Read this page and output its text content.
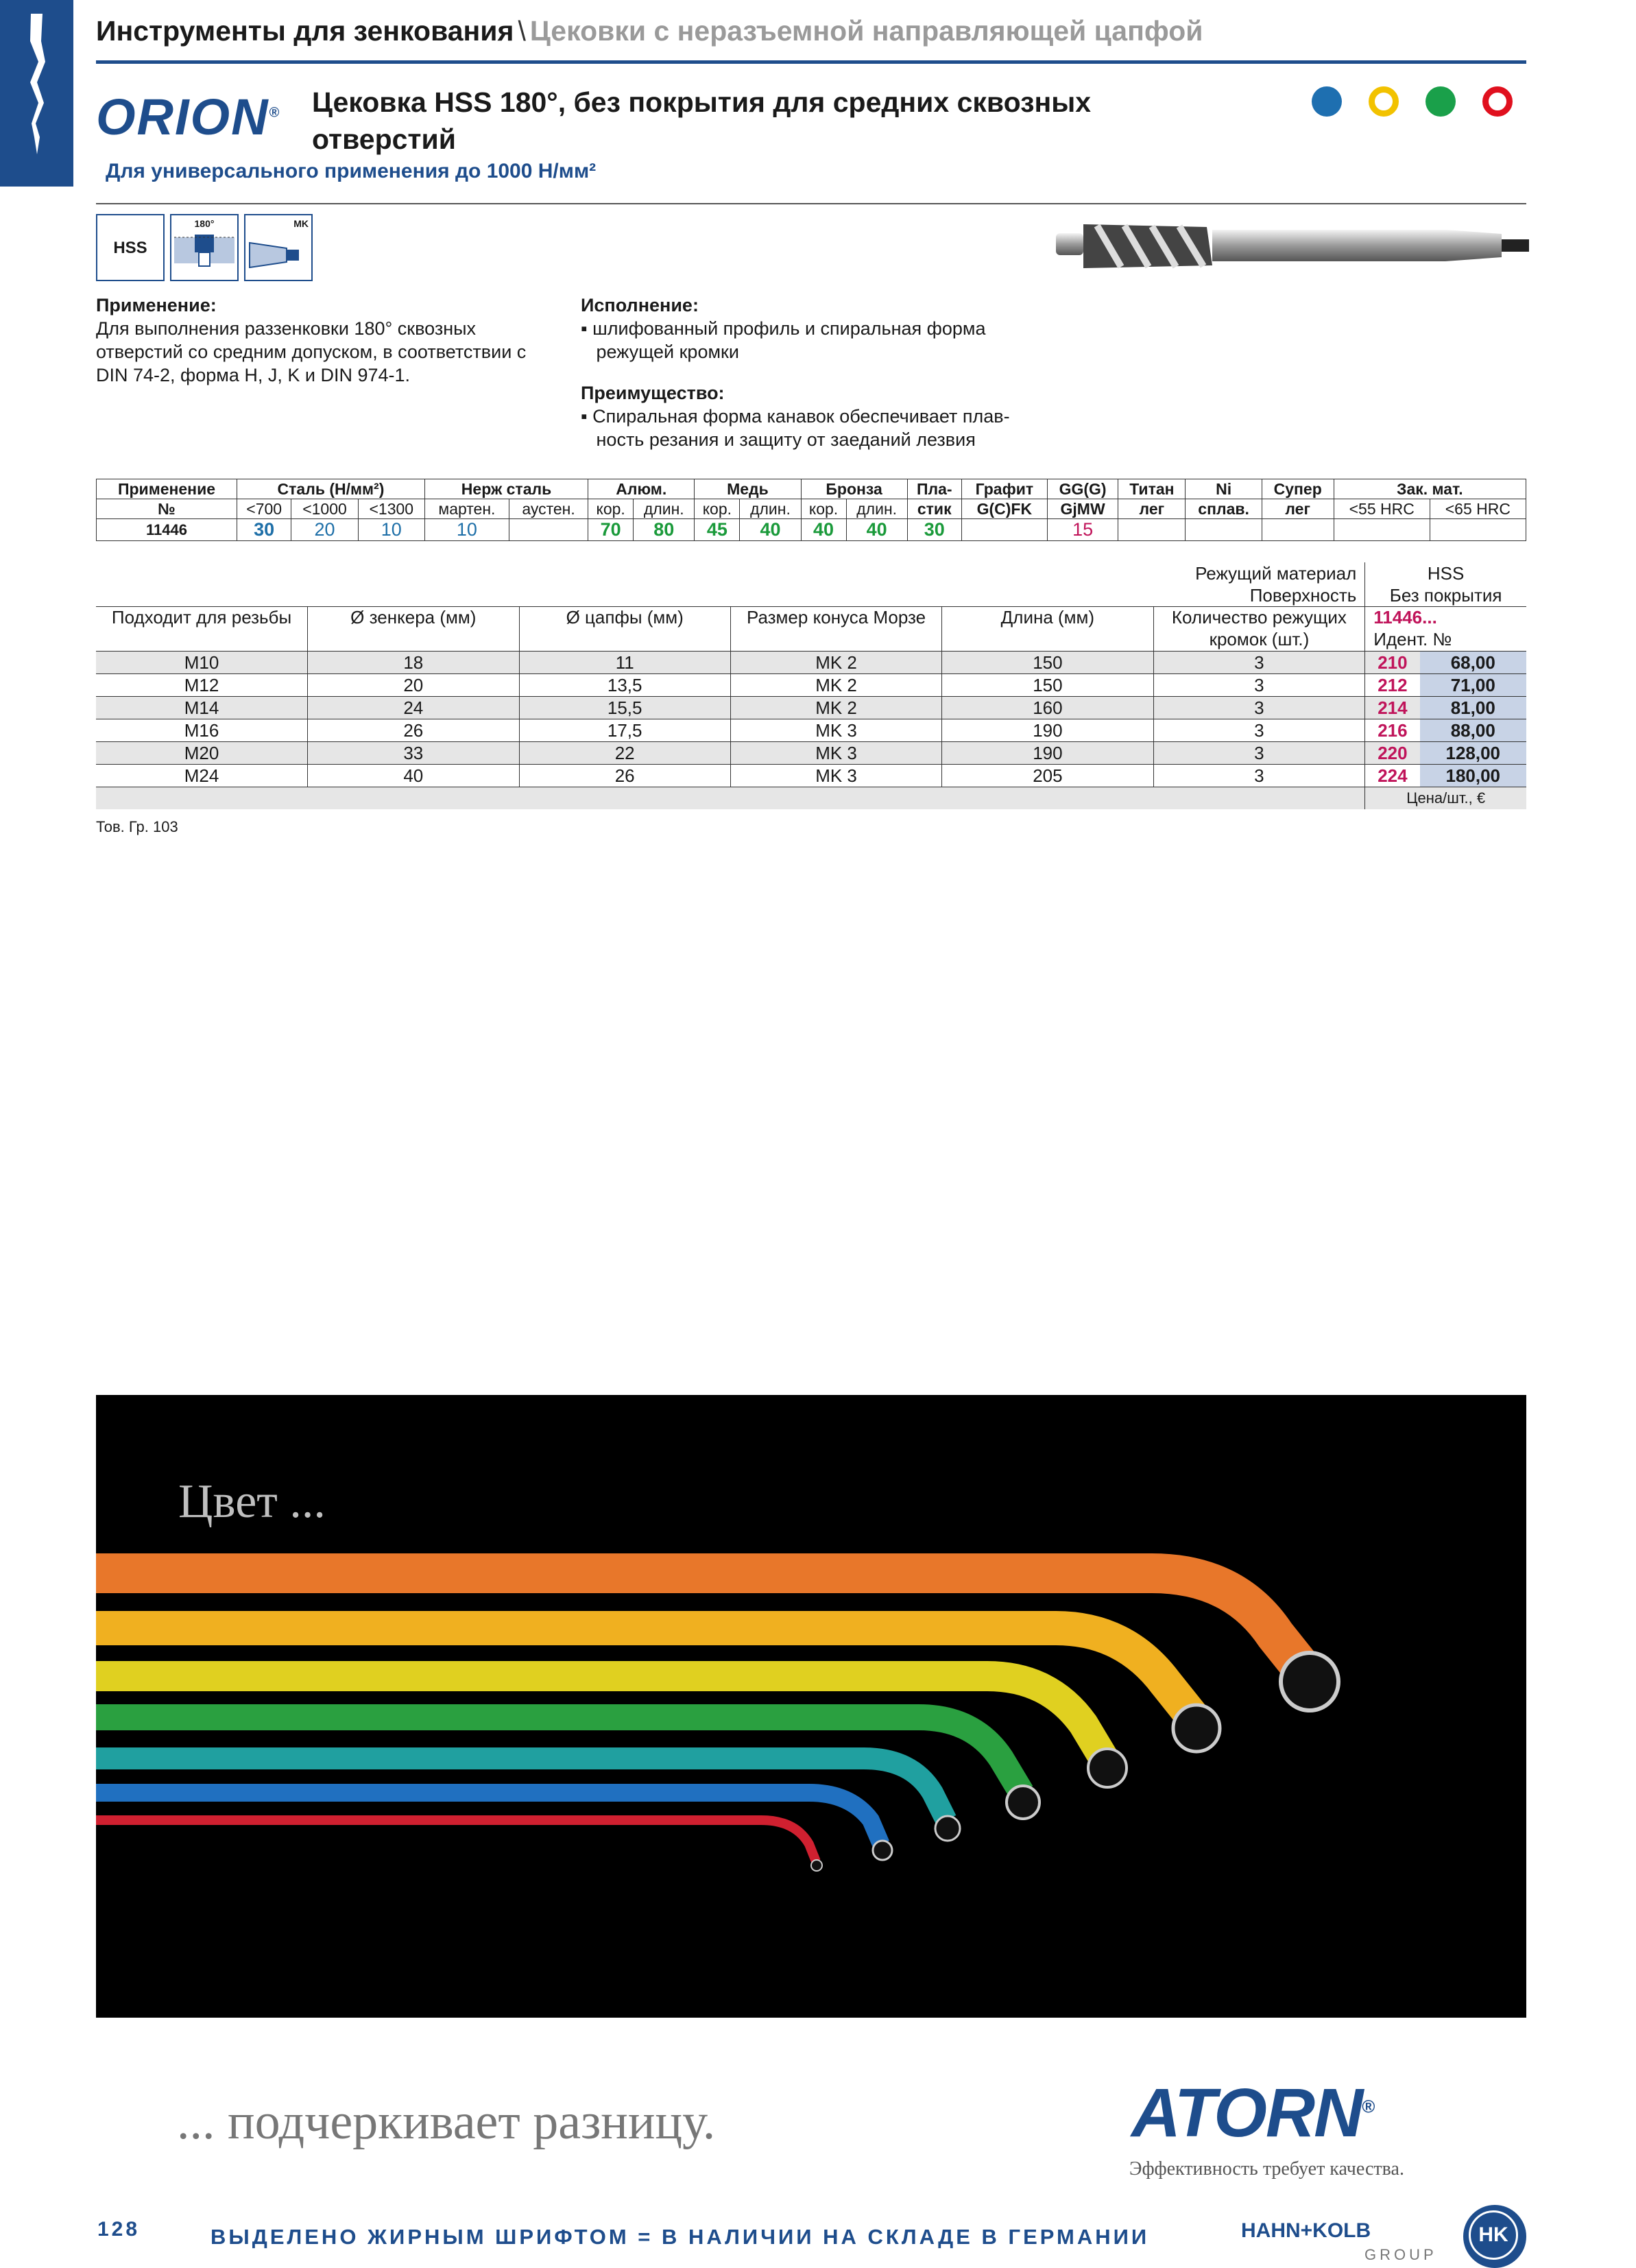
Инструменты для зенкования \ Цековки с неразъемной направляющей цапфой
ORION® Цековка HSS 180°, без покрытия для средних сквозных отверстий
Для универсального применения до 1000 Н/мм²
HSS
180°	MK
Применение:
Для выполнения раззенковки 180° сквозных
отверстий со средним допуском, в соответствии с
DIN 74-2, форма H, J, K и DIN 974-1.
Исполнение:
▪ шлифованный профиль и спиральная форма
режущей кромки
Преимущество:
▪ Спиральная форма канавок обеспечивает плав-
ность резания и защиту от заеданий лезвия
Применение	Сталь (Н/мм²)			Нерж сталь		Алюм.		Медь		Бронза		Пла-	Графит	GG(G)	Титан	Ni	Супер	Зак. мат.	
№	<700	<1000	<1300	мартен.	аустен.	кор.	длин.	кор.	длин.	кор.	длин.	стик	G(C)FK	GjMW	лег	сплав.	лег	<55 HRC	<65 HRC
11446	30	20	10	10		70	80	45	40	40	40	30		15					
Режущий материал						HSS	
Поверхность						Без покрытия	
Подходит для резьбы	Ø зенкера (мм)	Ø цапфы (мм)	Размер конуса Морзе	Длина (мм)	Количество режущих	11446...	
					кромок (шт.)	Идент. №	
M10	18	11	MK 2	150	3	210	68,00
M12	20	13,5	MK 2	150	3	212	71,00
M14	24	15,5	MK 2	160	3	214	81,00
M16	26	17,5	MK 3	190	3	216	88,00
M20	33	22	MK 3	190	3	220	128,00
M24	40	26	MK 3	205	3	224	180,00
						Цена/шт., €	
Тов. Гр. 103
Цвет ...
... подчеркивает разницу.	ATORN®
Эффективность требует качества.
128	ВЫДЕЛЕНО ЖИРНЫМ ШРИФТОМ = В НАЛИЧИИ НА СКЛАДЕ В ГЕРМАНИИ	HAHN+KOLB
GROUP
HK
